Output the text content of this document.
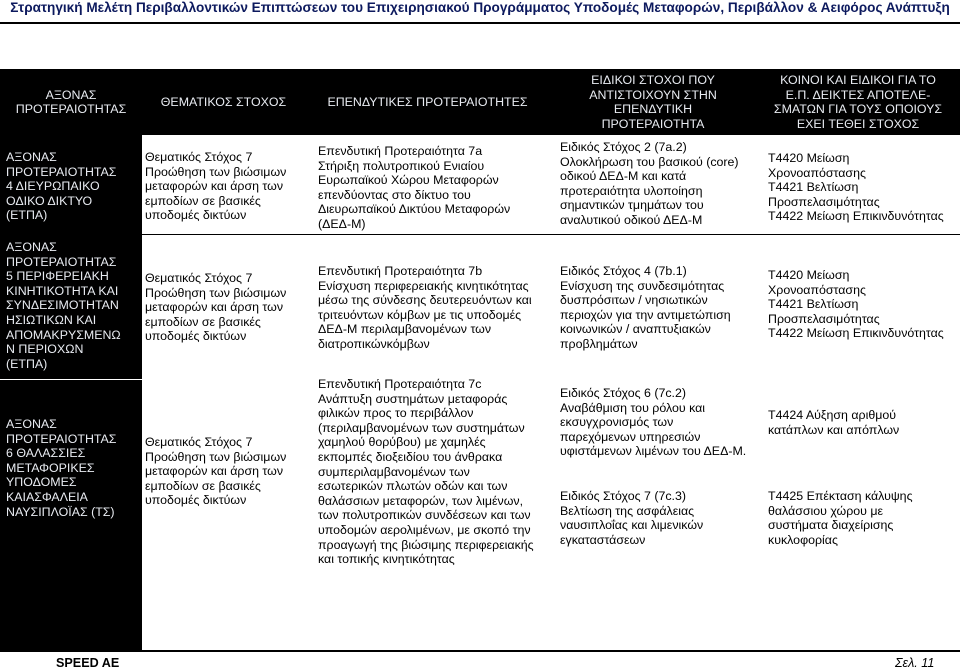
Στρατηγική Μελέτη Περιβαλλοντικών Επιπτώσεων του Επιχειρησιακού Προγράμματος Υποδομές Μεταφορών, Περιβάλλον & Αειφόρος Ανάπτυξη
ΑΞΟΝΑΣ
ΠΡΟΤΕΡΑΙΟΤΗΤΑΣ
ΘΕΜΑΤΙΚΟΣ ΣΤΟΧΟΣ	ΕΠΕΝΔΥΤΙΚΕΣ ΠΡΟΤΕΡΑΙΟΤΗΤΕΣ
ΕΙΔΙΚΟΙ ΣΤΟΧΟΙ ΠΟΥ
ΑΝΤΙΣΤΟΙΧΟΥΝ ΣΤΗΝ
ΕΠΕΝΔΥΤΙΚΗ
ΠΡΟΤΕΡΑΙΟΤΗΤΑ
ΚΟΙΝΟΙ ΚΑΙ ΕΙΔΙΚΟΙ ΓΙΑ ΤΟ
Ε.Π. ΔΕΙΚΤΕΣ ΑΠΟΤΕΛΕ-
ΣΜΑΤΩΝ ΓΙΑ ΤΟΥΣ ΟΠΟΙΟΥΣ
ΕΧΕΙ ΤΕΘΕΙ ΣΤΟΧΟΣ
ΑΞΟΝΑΣ
ΠΡΟΤΕΡΑΙΟΤΗΤΑΣ
4 ΔΙΕΥΡΩΠΑΙΚΟ
ΟΔΙΚΟ ΔΙΚΤΥΟ
(ΕΤΠΑ)
ΑΞΟΝΑΣ
ΠΡΟΤΕΡΑΙΟΤΗΤΑΣ
5 ΠΕΡΙΦΕΡΕΙΑΚΗ
ΚΙΝΗΤΙΚΟΤΗΤΑ ΚΑΙ
ΣΥΝΔΕΣΙΜΟΤΗΤΑΝ
ΗΣΙΩΤΙΚΩΝ ΚΑΙ
ΑΠΟΜΑΚΡΥΣΜΕΝΩ
Ν ΠΕΡΙΟΧΩΝ
(ΕΤΠΑ)
ΑΞΟΝΑΣ
ΠΡΟΤΕΡΑΙΟΤΗΤΑΣ
6 ΘΑΛΑΣΣΙΕΣ
ΜΕΤΑΦΟΡΙΚΕΣ
ΥΠΟΔΟΜΕΣ
ΚΑΙΑΣΦΑΛΕΙΑ
ΝΑΥΣΙΠΛΟΪΑΣ (ΤΣ)
Θεματικός Στόχος 7
Προώθηση των βιώσιμων
μεταφορών και άρση των
εμποδίων σε βασικές
υποδομές δικτύων
Θεματικός Στόχος 7
Προώθηση των βιώσιμων
μεταφορών και άρση των
εμποδίων σε βασικές
υποδομές δικτύων
Θεματικός Στόχος 7
Προώθηση των βιώσιμων
μεταφορών και άρση των
εμποδίων σε βασικές
υποδομές δικτύων
Επενδυτική Προτεραιότητα 7a
Στήριξη πολυτροπικού Ενιαίου
Ευρωπαϊκού Χώρου Μεταφορών
επενδύοντας στο δίκτυο του
Διευρωπαϊκού Δικτύου Μεταφορών
(ΔΕΔ-Μ)
Επενδυτική Προτεραιότητα 7b
Ενίσχυση περιφερειακής κινητικότητας
μέσω της σύνδεσης δευτερευόντων και
τριτευόντων κόμβων με τις υποδομές
ΔΕΔ-Μ περιλαμβανομένων των
διατροπικώνκόμβων
Επενδυτική Προτεραιότητα 7c
Ανάπτυξη συστημάτων μεταφοράς
φιλικών προς το περιβάλλον
(περιλαμβανομένων των συστημάτων
χαμηλού θορύβου) με χαμηλές
εκπομπές διοξειδίου του άνθρακα
συμπεριλαμβανομένων των
εσωτερικών πλωτών οδών και των
θαλάσσιων μεταφορών, των λιμένων,
των πολυτροπικών συνδέσεων και των
υποδομών αερολιμένων, με σκοπό την
προαγωγή της βιώσιμης περιφερειακής
και τοπικής κινητικότητας
Ειδικός Στόχος 2 (7a.2)
Ολοκλήρωση του βασικού (core)
οδικού ΔΕΔ-Μ και κατά
προτεραιότητα υλοποίηση
σημαντικών τμημάτων του
αναλυτικού οδικού ΔΕΔ-Μ
Ειδικός Στόχος 4 (7b.1)
Ενίσχυση της συνδεσιμότητας
δυσπρόσιτων / νησιωτικών
περιοχών για την αντιμετώπιση
κοινωνικών / αναπτυξιακών
προβλημάτων
Ειδικός Στόχος 6 (7c.2)
Αναβάθμιση του ρόλου και
εκσυγχρονισμός των
παρεχόμενων υπηρεσιών
υφιστάμενων λιμένων του ΔΕΔ-Μ.
Ειδικός Στόχος 7 (7c.3)
Βελτίωση της ασφάλειας
ναυσιπλοΐας και λιμενικών
εγκαταστάσεων
Τ4420 Μείωση
Χρονοαπόστασης
Τ4421 Βελτίωση
Προσπελασιμότητας
Τ4422 Μείωση Επικινδυνότητας
Τ4420 Μείωση
Χρονοαπόστασης
Τ4421 Βελτίωση
Προσπελασιμότητας
Τ4422 Μείωση Επικινδυνότητας
Τ4424 Αύξηση αριθμού
κατάπλων και απόπλων
Τ4425 Επέκταση κάλυψης
θαλάσσιου χώρου με
συστήματα διαχείρισης
κυκλοφορίας
SPEED AE	Σελ. 11
